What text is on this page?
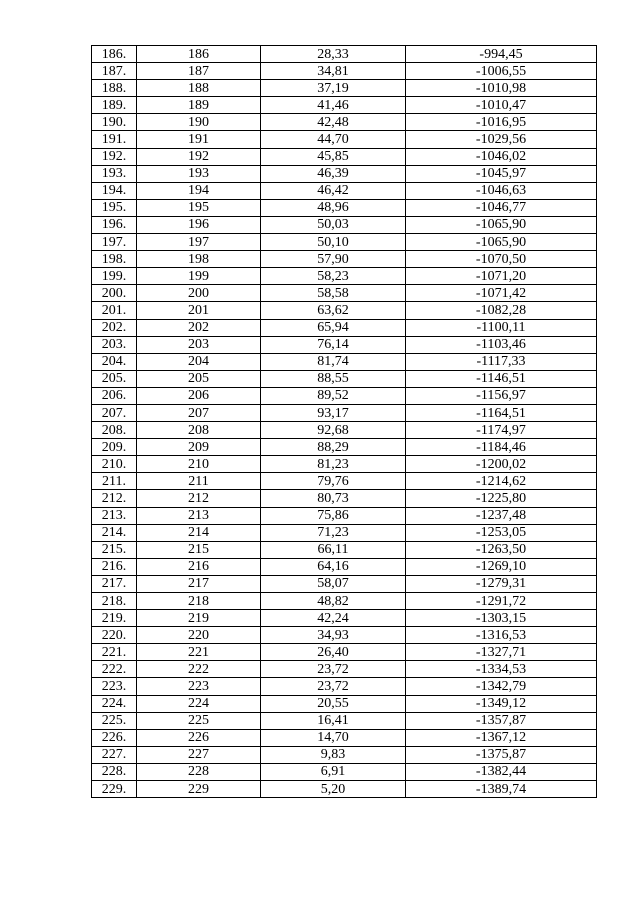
186.	186	28,33	-994,45
187.	187	34,81	-1006,55
188.	188	37,19	-1010,98
189.	189	41,46	-1010,47
190.	190	42,48	-1016,95
191.	191	44,70	-1029,56
192.	192	45,85	-1046,02
193.	193	46,39	-1045,97
194.	194	46,42	-1046,63
195.	195	48,96	-1046,77
196.	196	50,03	-1065,90
197.	197	50,10	-1065,90
198.	198	57,90	-1070,50
199.	199	58,23	-1071,20
200.	200	58,58	-1071,42
201.	201	63,62	-1082,28
202.	202	65,94	-1100,11
203.	203	76,14	-1103,46
204.	204	81,74	-1117,33
205.	205	88,55	-1146,51
206.	206	89,52	-1156,97
207.	207	93,17	-1164,51
208.	208	92,68	-1174,97
209.	209	88,29	-1184,46
210.	210	81,23	-1200,02
211.	211	79,76	-1214,62
212.	212	80,73	-1225,80
213.	213	75,86	-1237,48
214.	214	71,23	-1253,05
215.	215	66,11	-1263,50
216.	216	64,16	-1269,10
217.	217	58,07	-1279,31
218.	218	48,82	-1291,72
219.	219	42,24	-1303,15
220.	220	34,93	-1316,53
221.	221	26,40	-1327,71
222.	222	23,72	-1334,53
223.	223	23,72	-1342,79
224.	224	20,55	-1349,12
225.	225	16,41	-1357,87
226.	226	14,70	-1367,12
227.	227	9,83	-1375,87
228.	228	6,91	-1382,44
229.	229	5,20	-1389,74
